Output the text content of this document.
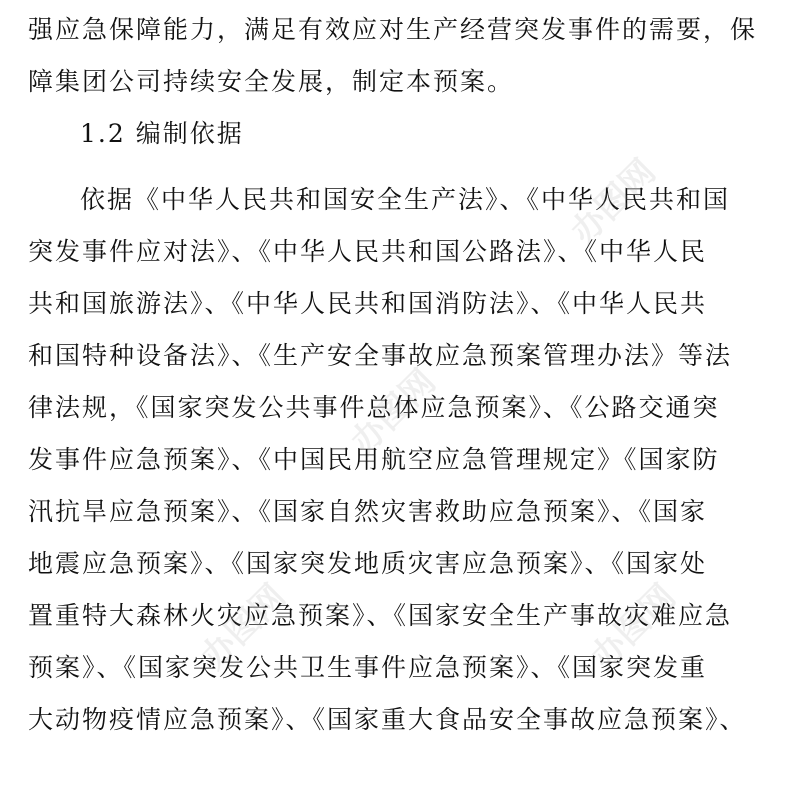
强应急保障能力，满足有效应对生产经营突发事件的需要，保
障集团公司持续安全发展，制定本预案。
1.2 编制依据
依据《中华人民共和国安全生产法》、《中华人民共和国
突发事件应对法》、《中华人民共和国公路法》、《中华人民
共和国旅游法》、《中华人民共和国消防法》、《中华人民共
和国特种设备法》、《生产安全事故应急预案管理办法》等法
律法规，《国家突发公共事件总体应急预案》、《公路交通突
发事件应急预案》、《中国民用航空应急管理规定》《国家防
汛抗旱应急预案》、《国家自然灾害救助应急预案》、《国家
地震应急预案》、《国家突发地质灾害应急预案》、《国家处
置重特大森林火灾应急预案》、《国家安全生产事故灾难应急
预案》、《国家突发公共卫生事件应急预案》、《国家突发重
大动物疫情应急预案》、《国家重大食品安全事故应急预案》、
办图网
办图网
办图网
办图网
